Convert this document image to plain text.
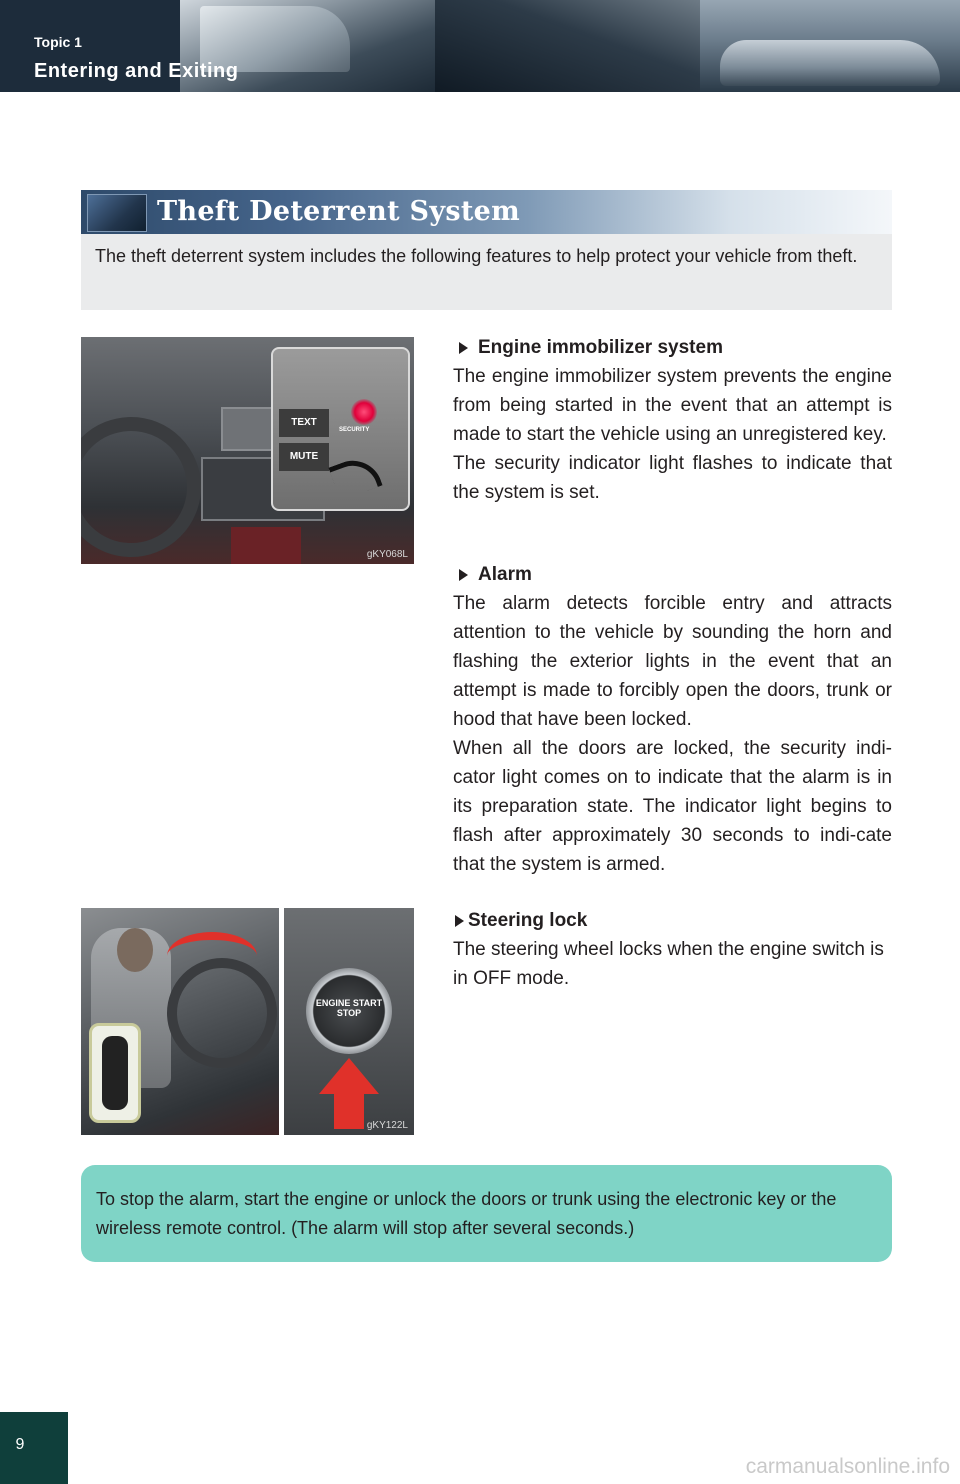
Topic 1
Entering and Exiting
Theft Deterrent System
The theft deterrent system includes the following features to help protect your vehicle from theft.
TEXT
MUTE
SECURITY
gKY068L
ENGINE START STOP
gKY122L
Engine immobilizer system

The engine immobilizer system prevents the engine from being started in the event that an attempt is made to start the vehicle using an unregistered key.

The security indicator light flashes to indicate that the system is set.

Alarm

The alarm detects forcible entry and attracts attention to the vehicle by sounding the horn and flashing the exterior lights in the event that an attempt is made to forcibly open the doors, trunk or hood that have been locked.

When all the doors are locked, the security indi-cator light comes on to indicate that the alarm is in its preparation state. The indicator light begins to flash after approximately 30 seconds to indi-cate that the system is armed.

Steering lock

The steering wheel locks when the engine switch is in OFF mode.

To stop the alarm, start the engine or unlock the doors or trunk using the electronic key or the wireless remote control. (The alarm will stop after several seconds.)
9
carmanualsonline.info
